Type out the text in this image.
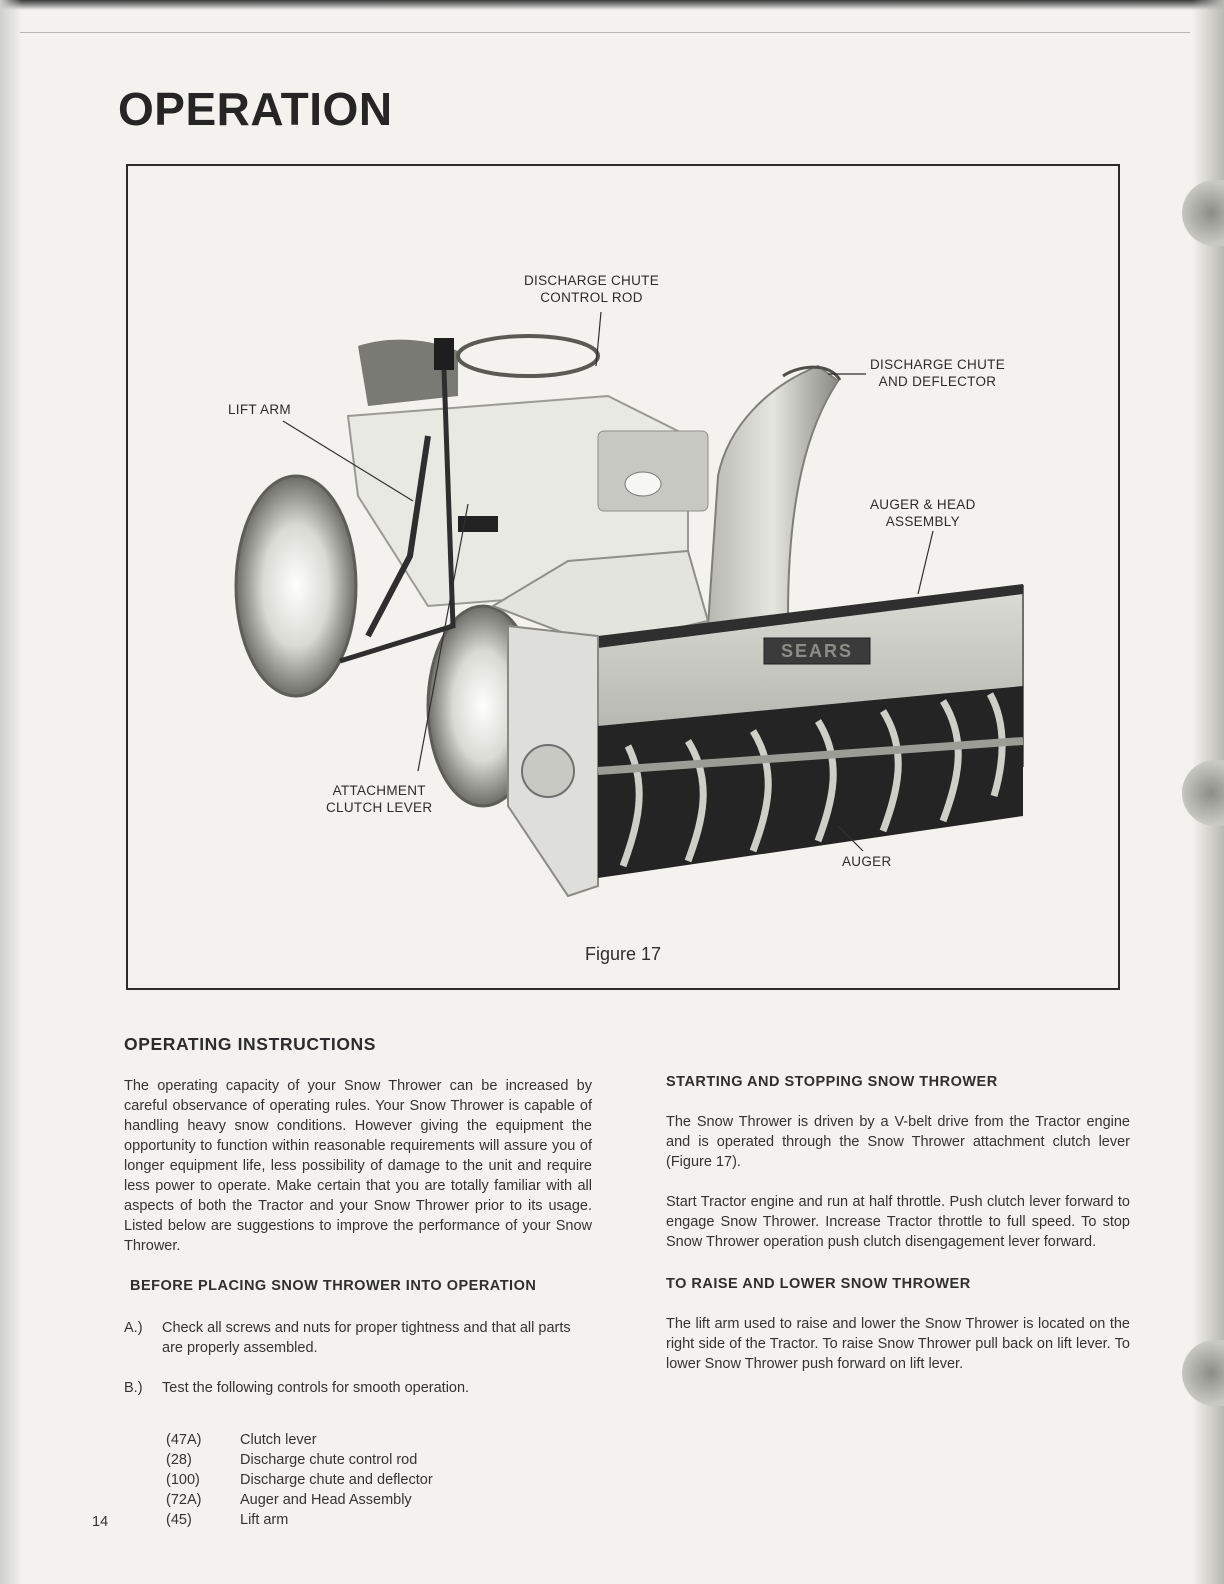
OPERATION
SEARS
DISCHARGE CHUTE
CONTROL ROD
DISCHARGE CHUTE
AND DEFLECTOR
LIFT ARM
AUGER & HEAD
ASSEMBLY
ATTACHMENT
CLUTCH LEVER
AUGER
Figure 17
OPERATING INSTRUCTIONS

The operating capacity of your Snow Thrower can be increased by careful observance of operating rules. Your Snow Thrower is capable of handling heavy snow conditions. However giving the equipment the opportunity to function within reasonable requirements will assure you of longer equipment life, less possibility of damage to the unit and require less power to operate. Make certain that you are totally familiar with all aspects of both the Tractor and your Snow Thrower prior to its usage. Listed below are suggestions to improve the performance of your Snow Thrower.

BEFORE PLACING SNOW THROWER INTO OPERATION
A.) Check all screws and nuts for proper tightness and that all parts are properly assembled.
B.) Test the following controls for smooth operation.
(47A)	Clutch lever
(28)	Discharge chute control rod
(100)	Discharge chute and deflector
(72A)	Auger and Head Assembly
(45)	Lift arm
14
STARTING AND STOPPING SNOW THROWER

The Snow Thrower is driven by a V-belt drive from the Tractor engine and is operated through the Snow Thrower attachment clutch lever (Figure 17).

Start Tractor engine and run at half throttle. Push clutch lever forward to engage Snow Thrower. Increase Tractor throttle to full speed. To stop Snow Thrower operation push clutch disengagement lever forward.

TO RAISE AND LOWER SNOW THROWER

The lift arm used to raise and lower the Snow Thrower is located on the right side of the Tractor. To raise Snow Thrower pull back on lift lever. To lower Snow Thrower push forward on lift lever.
